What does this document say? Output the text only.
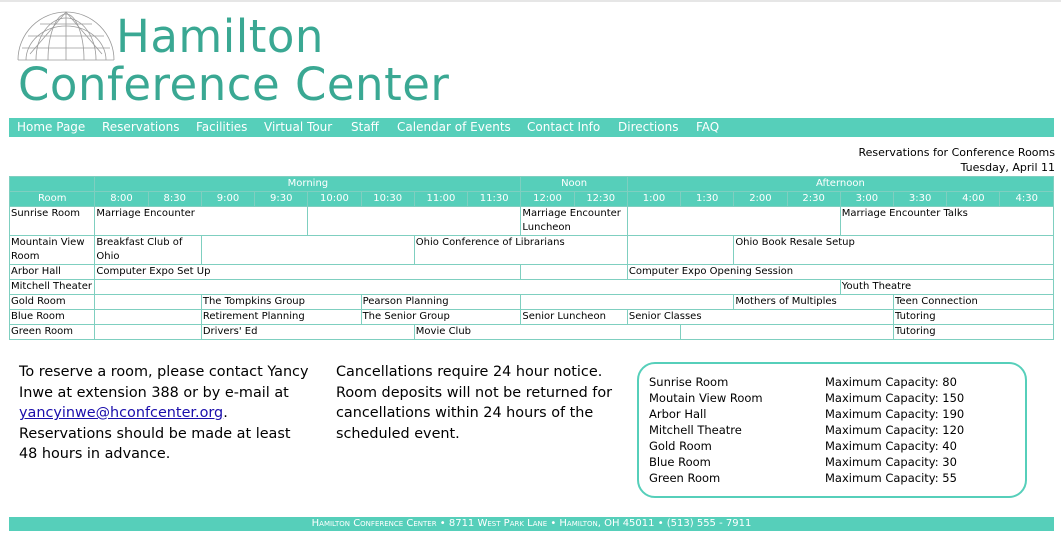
Hamilton
Conference Center
Home Page Reservations Facilities Virtual Tour Staff Calendar of Events Contact Info Directions FAQ
Reservations for Conference Rooms
Tuesday, April 11
	Morning								Noon		Afternoon							
Room	8:00	8:30	9:00	9:30	10:00	10:30	11:00	11:30	12:00	12:30	1:00	1:30	2:00	2:30	3:00	3:30	4:00	4:30
Sunrise Room	Marriage Encounter								Marriage Encounter Luncheon						Marriage Encounter Talks			
Mountain View Room	Breakfast Club of Ohio						Ohio Conference of Librarians						Ohio Book Resale Setup					
Arbor Hall	Computer Expo Set Up										Computer Expo Opening Session							
Mitchell Theater															Youth Theatre			
Gold Room			The Tompkins Group			Pearson Planning							Mothers of Multiples			Teen Connection		
Blue Room			Retirement Planning			The Senior Group			Senior Luncheon		Senior Classes					Tutoring		
Green Room			Drivers' Ed				Movie Club									Tutoring		
To reserve a room, please contact Yancy Inwe at extension 388 or by e-mail at yancyinwe@hconfcenter.org. Reservations should be made at least 48 hours in advance.
Cancellations require 24 hour notice. Room deposits will not be returned for cancellations within 24 hours of the scheduled event.
Sunrise Room	Maximum Capacity: 80
Moutain View Room	Maximum Capacity: 150
Arbor Hall	Maximum Capacity: 190
Mitchell Theatre	Maximum Capacity: 120
Gold Room	Maximum Capacity: 40
Blue Room	Maximum Capacity: 30
Green Room	Maximum Capacity: 55
Hamilton Conference Center • 8711 West Park Lane • Hamilton, OH 45011 • (513) 555 - 7911
